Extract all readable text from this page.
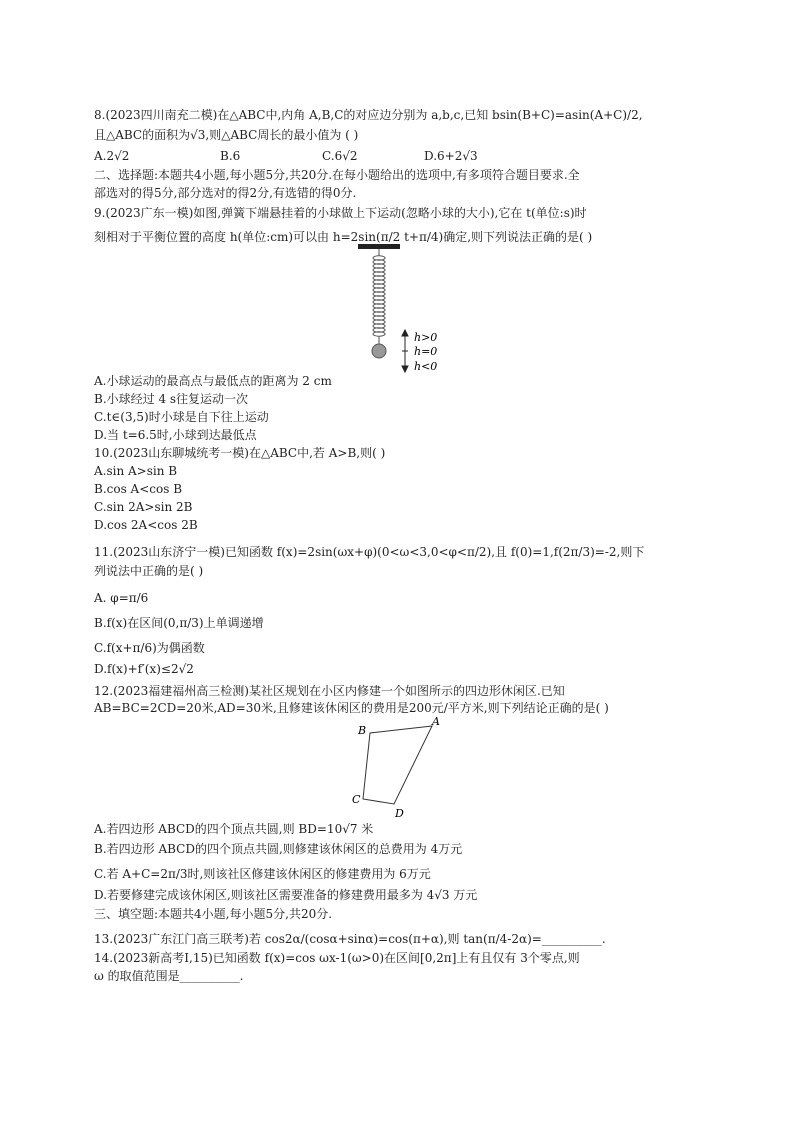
8.(2023四川南充二模)在△ABC中,内角 A,B,C的对应边分别为 a,b,c,已知 bsin(B+C)=asin(A+C)/2,
且△ABC的面积为√3,则△ABC周长的最小值为 ( )
A.2√2	B.6	C.6√2	D.6+2√3
二、选择题:本题共4小题,每小题5分,共20分.在每小题给出的选项中,有多项符合题目要求.全
部选对的得5分,部分选对的得2分,有选错的得0分.
9.(2023广东一模)如图,弹簧下端悬挂着的小球做上下运动(忽略小球的大小),它在 t(单位:s)时
刻相对于平衡位置的高度 h(单位:cm)可以由 h=2sin(π/2 t+π/4)确定,则下列说法正确的是( )
h>0
h=0
h<0
A.小球运动的最高点与最低点的距离为 2 cm
B.小球经过 4 s往复运动一次
C.t∈(3,5)时小球是自下往上运动
D.当 t=6.5时,小球到达最低点
10.(2023山东聊城统考一模)在△ABC中,若 A>B,则( )
A.sin A>sin B
B.cos A<cos B
C.sin 2A>sin 2B
D.cos 2A<cos 2B
11.(2023山东济宁一模)已知函数 f(x)=2sin(ωx+φ)(0<ω<3,0<φ<π/2),且 f(0)=1,f(2π/3)=-2,则下
列说法中正确的是( )
A. φ=π/6
B.f(x)在区间(0,π/3)上单调递增
C.f(x+π/6)为偶函数
D.f(x)+f′(x)≤2√2
12.(2023福建福州高三检测)某社区规划在小区内修建一个如图所示的四边形休闲区.已知
AB=BC=2CD=20米,AD=30米,且修建该休闲区的费用是200元/平方米,则下列结论正确的是( )
B
A
C
D
A.若四边形 ABCD的四个顶点共圆,则 BD=10√7 米
B.若四边形 ABCD的四个顶点共圆,则修建该休闲区的总费用为 4万元
C.若 A+C=2π/3时,则该社区修建该休闲区的修建费用为 6万元
D.若要修建完成该休闲区,则该社区需要准备的修建费用最多为 4√3 万元
三、填空题:本题共4小题,每小题5分,共20分.
13.(2023广东江门高三联考)若 cos2α/(cosα+sinα)=cos(π+α),则 tan(π/4-2α)=__________.
14.(2023新高考Ⅰ,15)已知函数 f(x)=cos ωx-1(ω>0)在区间[0,2π]上有且仅有 3个零点,则
ω 的取值范围是__________.
